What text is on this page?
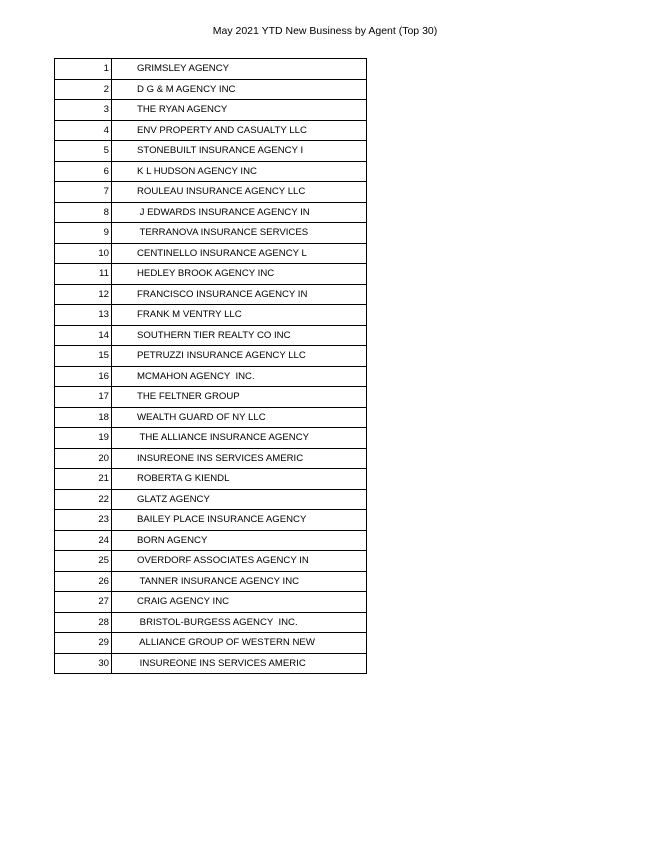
May 2021 YTD New Business by Agent (Top 30)
1	GRIMSLEY AGENCY
2	D G & M AGENCY INC
3	THE RYAN AGENCY
4	ENV PROPERTY AND CASUALTY LLC
5	STONEBUILT INSURANCE AGENCY I
6	K L HUDSON AGENCY INC
7	ROULEAU INSURANCE AGENCY LLC
8	J EDWARDS INSURANCE AGENCY IN
9	TERRANOVA INSURANCE SERVICES
10	CENTINELLO INSURANCE AGENCY L
11	HEDLEY BROOK AGENCY INC
12	FRANCISCO INSURANCE AGENCY IN
13	FRANK M VENTRY LLC
14	SOUTHERN TIER REALTY CO INC
15	PETRUZZI INSURANCE AGENCY LLC
16	MCMAHON AGENCY  INC.
17	THE FELTNER GROUP
18	WEALTH GUARD OF NY LLC
19	THE ALLIANCE INSURANCE AGENCY
20	INSUREONE INS SERVICES AMERIC
21	ROBERTA G KIENDL
22	GLATZ AGENCY
23	BAILEY PLACE INSURANCE AGENCY
24	BORN AGENCY
25	OVERDORF ASSOCIATES AGENCY IN
26	TANNER INSURANCE AGENCY INC
27	CRAIG AGENCY INC
28	BRISTOL-BURGESS AGENCY  INC.
29	ALLIANCE GROUP OF WESTERN NEW
30	INSUREONE INS SERVICES AMERIC
